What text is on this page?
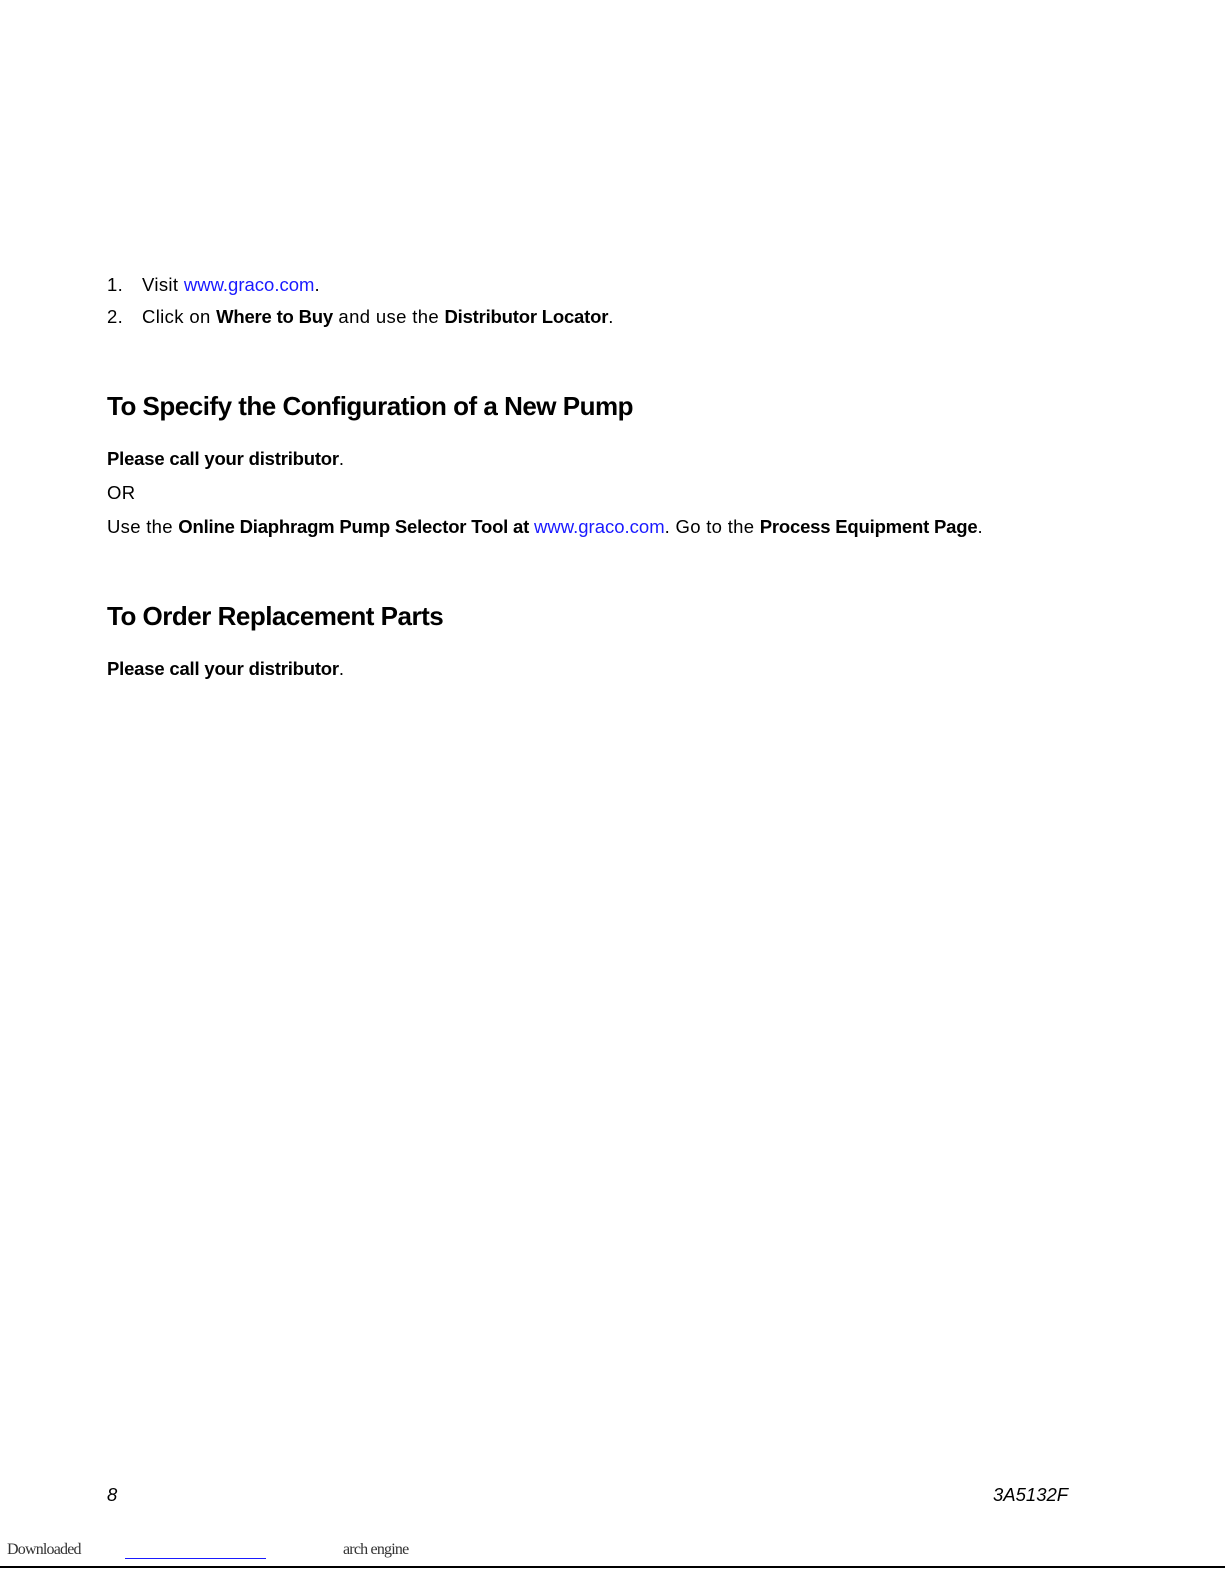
1. Visit www.graco.com.
2. Click on Where to Buy and use the Distributor Locator.
To Specify the Configuration of a New Pump
Please call your distributor.
OR
Use the Online Diaphragm Pump Selector Tool at www.graco.com. Go to the Process Equipment Page.
To Order Replacement Parts
Please call your distributor.
8	3A5132F
Downloaded	arch engine
